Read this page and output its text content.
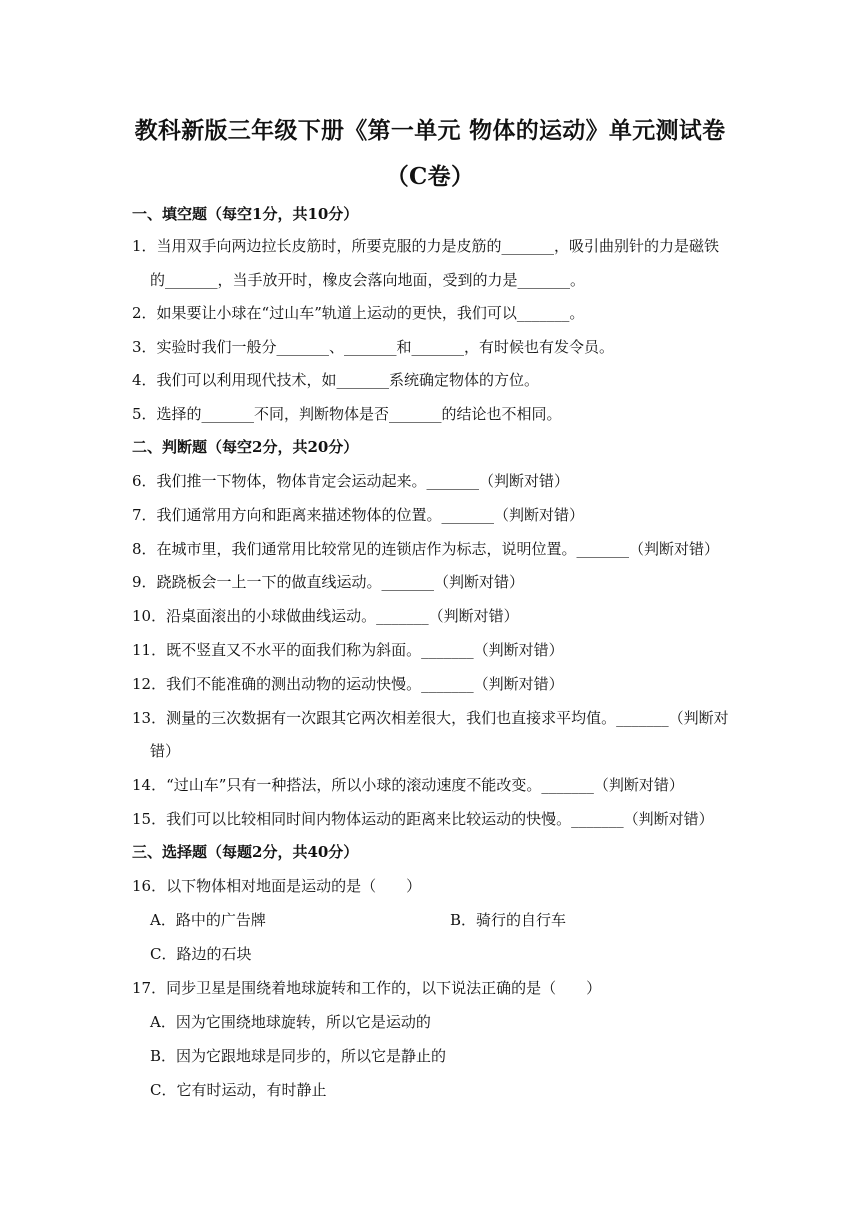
教科新版三年级下册《第一单元 物体的运动》单元测试卷（C卷）
一、填空题（每空1分，共10分）
1．当用双手向两边拉长皮筋时，所要克服的力是皮筋的_______，吸引曲别针的力是磁铁
的_______，当手放开时，橡皮会落向地面，受到的力是_______。
2．如果要让小球在“过山车”轨道上运动的更快，我们可以_______。
3．实验时我们一般分_______、_______和_______，有时候也有发令员。
4．我们可以利用现代技术，如_______系统确定物体的方位。
5．选择的_______不同，判断物体是否_______的结论也不相同。
二、判断题（每空2分，共20分）
6．我们推一下物体，物体肯定会运动起来。_______（判断对错）
7．我们通常用方向和距离来描述物体的位置。_______（判断对错）
8．在城市里，我们通常用比较常见的连锁店作为标志，说明位置。_______（判断对错）
9．跷跷板会一上一下的做直线运动。_______（判断对错）
10．沿桌面滚出的小球做曲线运动。_______（判断对错）
11．既不竖直又不水平的面我们称为斜面。_______（判断对错）
12．我们不能准确的测出动物的运动快慢。_______（判断对错）
13．测量的三次数据有一次跟其它两次相差很大，我们也直接求平均值。_______（判断对
错）
14．“过山车”只有一种搭法，所以小球的滚动速度不能改变。_______（判断对错）
15．我们可以比较相同时间内物体运动的距离来比较运动的快慢。_______（判断对错）
三、选择题（每题2分，共40分）
16．以下物体相对地面是运动的是（　　）
A．路中的广告牌	B．骑行的自行车
C．路边的石块
17．同步卫星是围绕着地球旋转和工作的，以下说法正确的是（　　）
A．因为它围绕地球旋转，所以它是运动的
B．因为它跟地球是同步的，所以它是静止的
C．它有时运动，有时静止
